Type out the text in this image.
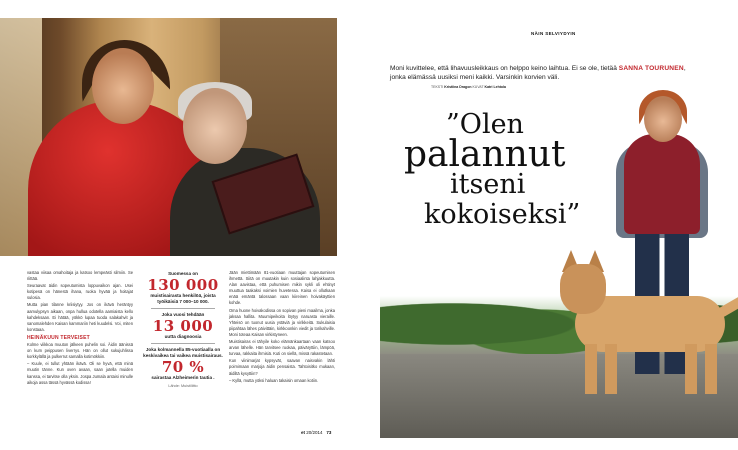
NÄIN SELVIYDYIN
Moni kuvittelee, että lihavuusleikkaus on helppo keino laihtua. Ei se ole, tietää SANNA TOURUNEN, jonka elämässä uusiksi meni kaikki. Varsinkin korvien väli.
TEKSTI Kristiina Dragon KUVAT Katri Lehtola
”Olen
palannut
itseni
kokoiseksi”

vastaa viisaa omahoitaja ja katsoo lempeästi silmiin. Se riittää.

Seuraavat äidin sopeutumista loppuvaikon ajan. Usei kotipesä on hänestä ihana, ruoka hyvää ja hoitajat sulosia.

Mutta pian tilanne kriisiytyy. Jos on ikävä heräntyy aamulypsyn aikaan, onpa hullua odotella aamiaista kello kahdeksaan. Ei hätää, yökkö lupaa tuoda salakahvit ja sanomalehden Kaisan kammariin heti kuudelsi. Voi, miten konstaaa.

HEINÄKUUN TERVEISET

Kolme viikkoa muuton jälkeen puhelin soi. Äidin äänissä on kum peippusen liverrys. Hän on ollut sukujuhlissa korkkylällä ja pulkerrut samalla kotimökkiin.

– Kuule, ei tullut yhtään ikävä. Oli se hyvä, että minä muutin tänne. Kun oven avaan, saan jutella muiden kanssa, ei tarvitse olla yksin. Jospa Jumala antaisi minulle aikoja assa tässä hyvässä kodissa!

Suomessa on
130 000
muistisairasta henkilöä, joista työikäisiä 7 000–10 000.
Joka vuosi tehdään
13 000
uutta diagnoosia
Joka kolmannella 85-vuotiaalla on keskivaikea tai vaikea muistisairaus.
70 %
sairastaa Alzheimerin tautia .
Lähde: Muistiliitto

Jään miettimään 81-vuotiaan muuttajan sopeutumisen ihmettä. Siitä on muutakin kuin sosiaalinta lahjakkuutta. Alan aavistaa, että puhumisen mikin sykli oli ehtinyt muuttua taakaksi voimien huvetessa. Kaisa ei ollutkaan enää emäntä talossaan vaan kiireinen hoivakäyttien kohde.

Oma huone hoivakodissa on sopivan pieni maailma, jonka jaksaa hallita. Muumipeikoita löytyy naruasta vieraille. Yhteisö on tuonut uusia ystäviä ja virikkeitä. Sukulaisia piipahtaa lähes päivittäin, kirkkoonkin viedit ja torikahville. Moni toteaa Kaisan virkistyneen.

Muistisairas ei tähyile koko elämänkaartaan vaan katsoo arvan lähelle. Hän tarvitsee ruokaa, päiväryttiin, lämpöä, turvaa, rakkaita ihmisiä. Kuti on siellä, missä rakastetaan.

Kun viinimarjat kypsyvät, saavan naisvakin lähti poimimaan marjoja äidin pensaista. Tahtoisitko mukaan, äidiltä kysyttiin?

– Kyllä, mutta yöksi haluan takaisin omaan kotiin.

et 20/2014 73
